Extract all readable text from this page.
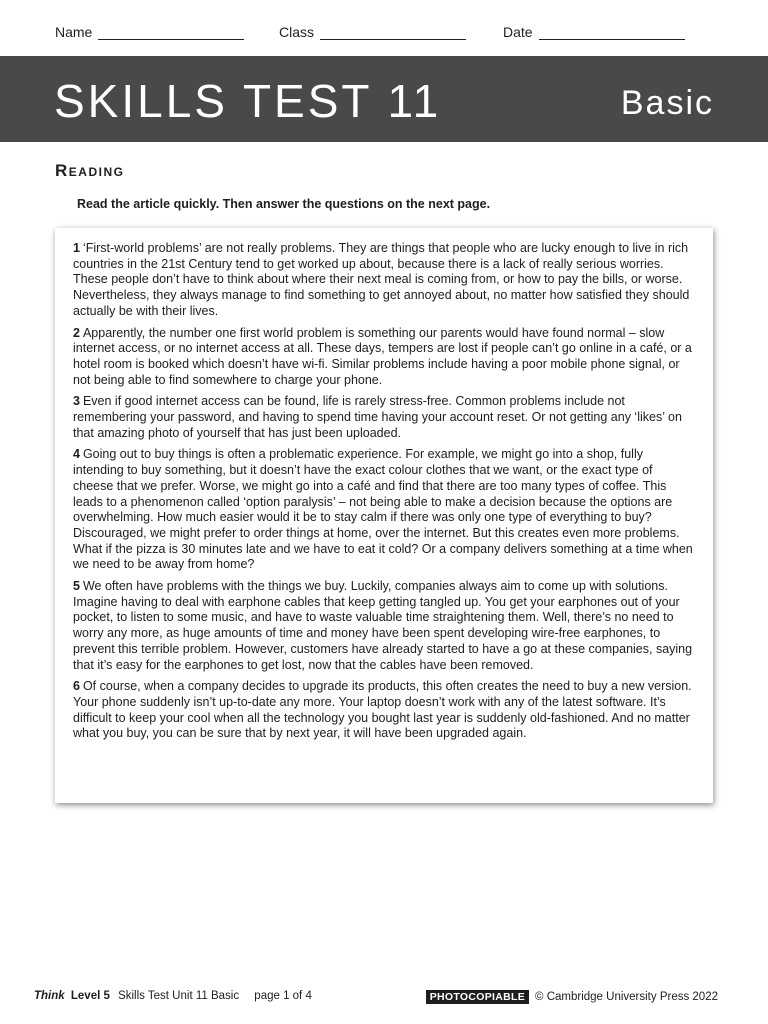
Name	Class	Date
SKILLS TEST 11	Basic
Reading
Read the article quickly. Then answer the questions on the next page.

1 ‘First-world problems’ are not really problems. They are things that people who are lucky enough to live in rich countries in the 21st Century tend to get worked up about, because there is a lack of really serious worries. These people don’t have to think about where their next meal is coming from, or how to pay the bills, or worse. Nevertheless, they always manage to find something to get annoyed about, no matter how satisfied they should actually be with their lives.

2 Apparently, the number one first world problem is something our parents would have found normal – slow internet access, or no internet access at all. These days, tempers are lost if people can’t go online in a café, or a hotel room is booked which doesn’t have wi-fi. Similar problems include having a poor mobile phone signal, or not being able to find somewhere to charge your phone.

3 Even if good internet access can be found, life is rarely stress-free. Common problems include not remembering your password, and having to spend time having your account reset. Or not getting any ‘likes’ on that amazing photo of yourself that has just been uploaded.

4 Going out to buy things is often a problematic experience. For example, we might go into a shop, fully intending to buy something, but it doesn’t have the exact colour clothes that we want, or the exact type of cheese that we prefer. Worse, we might go into a café and find that there are too many types of coffee. This leads to a phenomenon called ‘option paralysis’ – not being able to make a decision because the options are overwhelming. How much easier would it be to stay calm if there was only one type of everything to buy? Discouraged, we might prefer to order things at home, over the internet. But this creates even more problems. What if the pizza is 30 minutes late and we have to eat it cold? Or a company delivers something at a time when we need to be away from home?

5 We often have problems with the things we buy. Luckily, companies always aim to come up with solutions. Imagine having to deal with earphone cables that keep getting tangled up. You get your earphones out of your pocket, to listen to some music, and have to waste valuable time straightening them. Well, there’s no need to worry any more, as huge amounts of time and money have been spent developing wire-free earphones, to prevent this terrible problem. However, customers have already started to have a go at these companies, saying that it’s easy for the earphones to get lost, now that the cables have been removed.

6 Of course, when a company decides to upgrade its products, this often creates the need to buy a new version. Your phone suddenly isn’t up-to-date any more. Your laptop doesn’t work with any of the latest software. It’s difficult to keep your cool when all the technology you bought last year is suddenly old-fashioned. And no matter what you buy, you can be sure that by next year, it will have been upgraded again.

Think Level 5 Skills Test Unit 11 Basic page 1 of 4	PHOTOCOPIABLE © Cambridge University Press 2022
